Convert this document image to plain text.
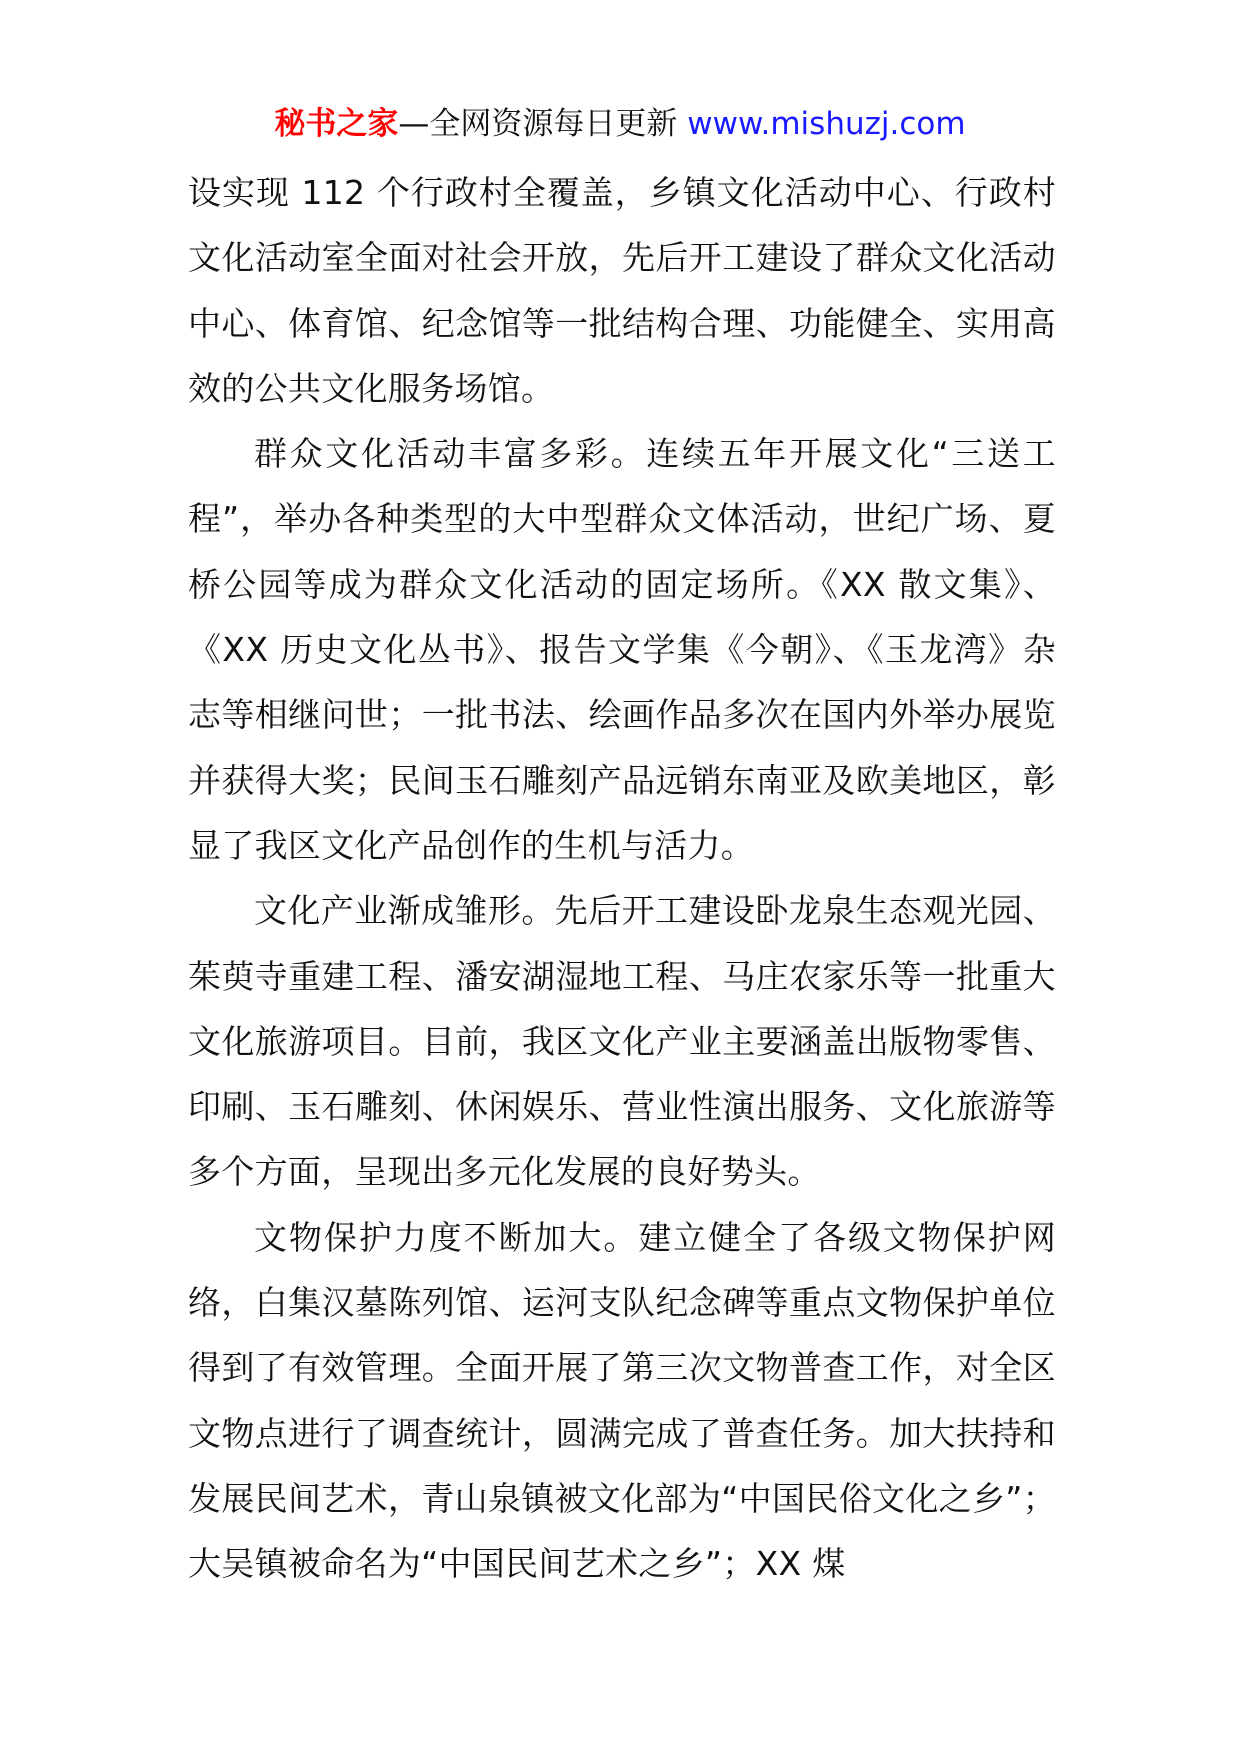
秘书之家—全网资源每日更新 www.mishuzj.com

设实现 112 个行政村全覆盖，乡镇文化活动中心、行政村文化活动室全面对社会开放，先后开工建设了群众文化活动中心、体育馆、纪念馆等一批结构合理、功能健全、实用高效的公共文化服务场馆。

群众文化活动丰富多彩。连续五年开展文化“三送工程”，举办各种类型的大中型群众文体活动，世纪广场、夏桥公园等成为群众文化活动的固定场所。《XX 散文集》、《XX 历史文化丛书》、报告文学集《今朝》、《玉龙湾》杂志等相继问世；一批书法、绘画作品多次在国内外举办展览并获得大奖；民间玉石雕刻产品远销东南亚及欧美地区，彰显了我区文化产品创作的生机与活力。

文化产业渐成雏形。先后开工建设卧龙泉生态观光园、茱萸寺重建工程、潘安湖湿地工程、马庄农家乐等一批重大文化旅游项目。目前，我区文化产业主要涵盖出版物零售、印刷、玉石雕刻、休闲娱乐、营业性演出服务、文化旅游等多个方面，呈现出多元化发展的良好势头。

文物保护力度不断加大。建立健全了各级文物保护网络，白集汉墓陈列馆、运河支队纪念碑等重点文物保护单位得到了有效管理。全面开展了第三次文物普查工作，对全区文物点进行了调查统计，圆满完成了普查任务。加大扶持和发展民间艺术，青山泉镇被文化部为“中国民俗文化之乡”；大吴镇被命名为“中国民间艺术之乡”；XX 煤
